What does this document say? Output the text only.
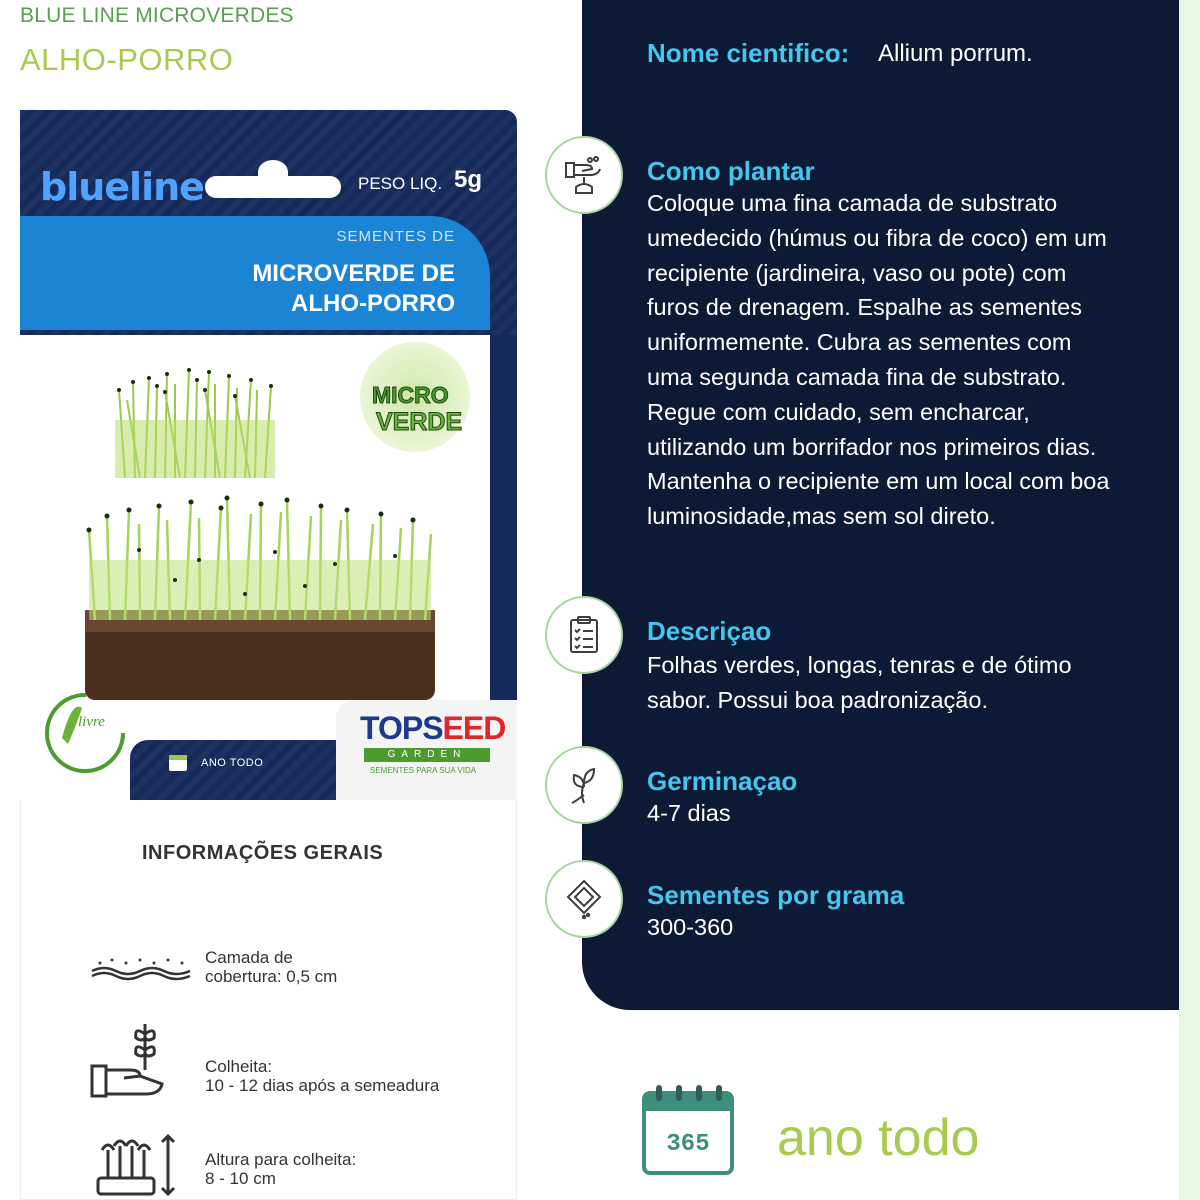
BLUE LINE MICROVERDES
ALHO-PORRO
blueline	PESO LIQ. 5g
SEMENTES DE
MICROVERDE DE
ALHO-PORRO
MICRO
VERDE
livre
ANO TODO
TOPSEED
GARDEN
SEMENTES PARA SUA VIDA
INFORMAÇÕES GERAIS
Camada de
cobertura: 0,5 cm
Colheita:
10 - 12 dias após a semeadura
Altura para colheita:
8 - 10 cm
Nome cientifico: Allium porrum.
Como plantar
Coloque uma fina camada de substrato umedecido (húmus ou fibra de coco) em um recipiente (jardineira, vaso ou pote) com furos de drenagem. Espalhe as sementes uniformemente. Cubra as sementes com uma segunda camada fina de substrato. Regue com cuidado, sem encharcar, utilizando um borrifador nos primeiros dias. Mantenha o recipiente em um local com boa luminosidade,mas sem sol direto.
Descriçao
Folhas verdes, longas, tenras e de ótimo sabor. Possui boa padronização.
Germinaçao
4-7 dias
Sementes por grama
300-360
365 ano todo
